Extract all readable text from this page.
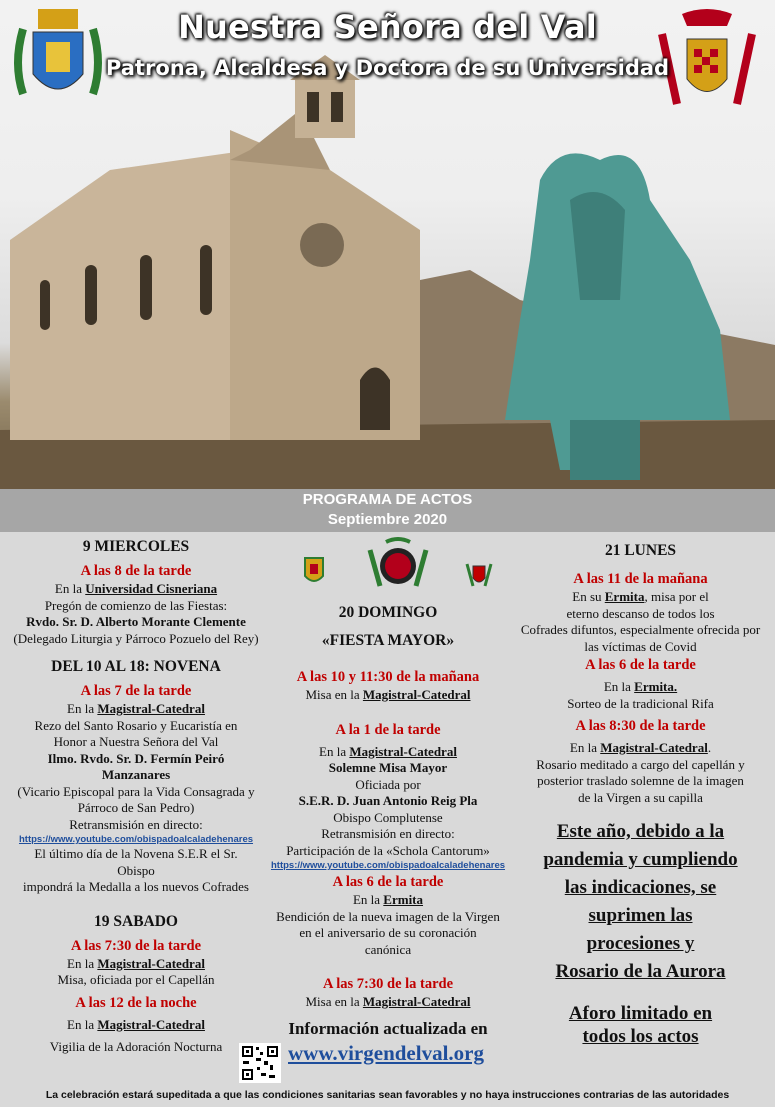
Nuestra Señora del Val
Patrona, Alcaldesa y Doctora de su Universidad
PROGRAMA DE ACTOS
Septiembre 2020
9 MIERCOLES
A las 8 de la tarde
En la Universidad Cisneriana
Pregón de comienzo de las Fiestas:
Rvdo. Sr. D. Alberto Morante Clemente
(Delegado Liturgia y Párroco Pozuelo del Rey)
DEL 10 AL 18: NOVENA
A las 7 de la tarde
En la Magistral-Catedral
Rezo del Santo Rosario y Eucaristía en
Honor a Nuestra Señora del Val
Ilmo. Rvdo. Sr. D. Fermín Peiró
Manzanares
(Vicario Episcopal para la Vida Consagrada y
Párroco de San Pedro)
Retransmisión en directo:
https://www.youtube.com/obispadoalcaladehenares
El último día de la Novena S.E.R el Sr.
Obispo
impondrá la Medalla a los nuevos Cofrades
19 SABADO
A las 7:30 de la tarde
En la Magistral-Catedral
Misa, oficiada por el Capellán
A las 12 de la noche
En la Magistral-Catedral
Vigilia de la Adoración Nocturna
20 DOMINGO
«FIESTA MAYOR»
A las 10 y 11:30 de la mañana
Misa en la Magistral-Catedral
A la 1 de la tarde
En la Magistral-Catedral
Solemne Misa Mayor
Oficiada por
S.E.R. D. Juan Antonio Reig Pla
Obispo Complutense
Retransmisión en directo:
Participación de la «Schola Cantorum»
https://www.youtube.com/obispadoalcaladehenares
A las 6 de la tarde
En la Ermita
Bendición de la nueva imagen de la Virgen
en el aniversario de su coronación
canónica
A las 7:30 de la tarde
Misa en la Magistral-Catedral
Información actualizada en
www.virgendelval.org
21 LUNES
A las 11 de la mañana
En su Ermita, misa por el
eterno descanso de todos los
Cofrades difuntos, especialmente ofrecida por
las víctimas de Covid
A las 6 de la tarde
En la Ermita.
Sorteo de la tradicional Rifa
A las 8:30 de la tarde
En la Magistral-Catedral.
Rosario meditado a cargo del capellán y
posterior traslado solemne de la imagen
de la Virgen a su capilla
Este año, debido a la
pandemia y cumpliendo
las indicaciones, se
suprimen las
procesiones y
Rosario de la Aurora
Aforo limitado en
todos los actos
La celebración estará supeditada a que las condiciones sanitarias sean favorables y no haya instrucciones contrarias de las autoridades
